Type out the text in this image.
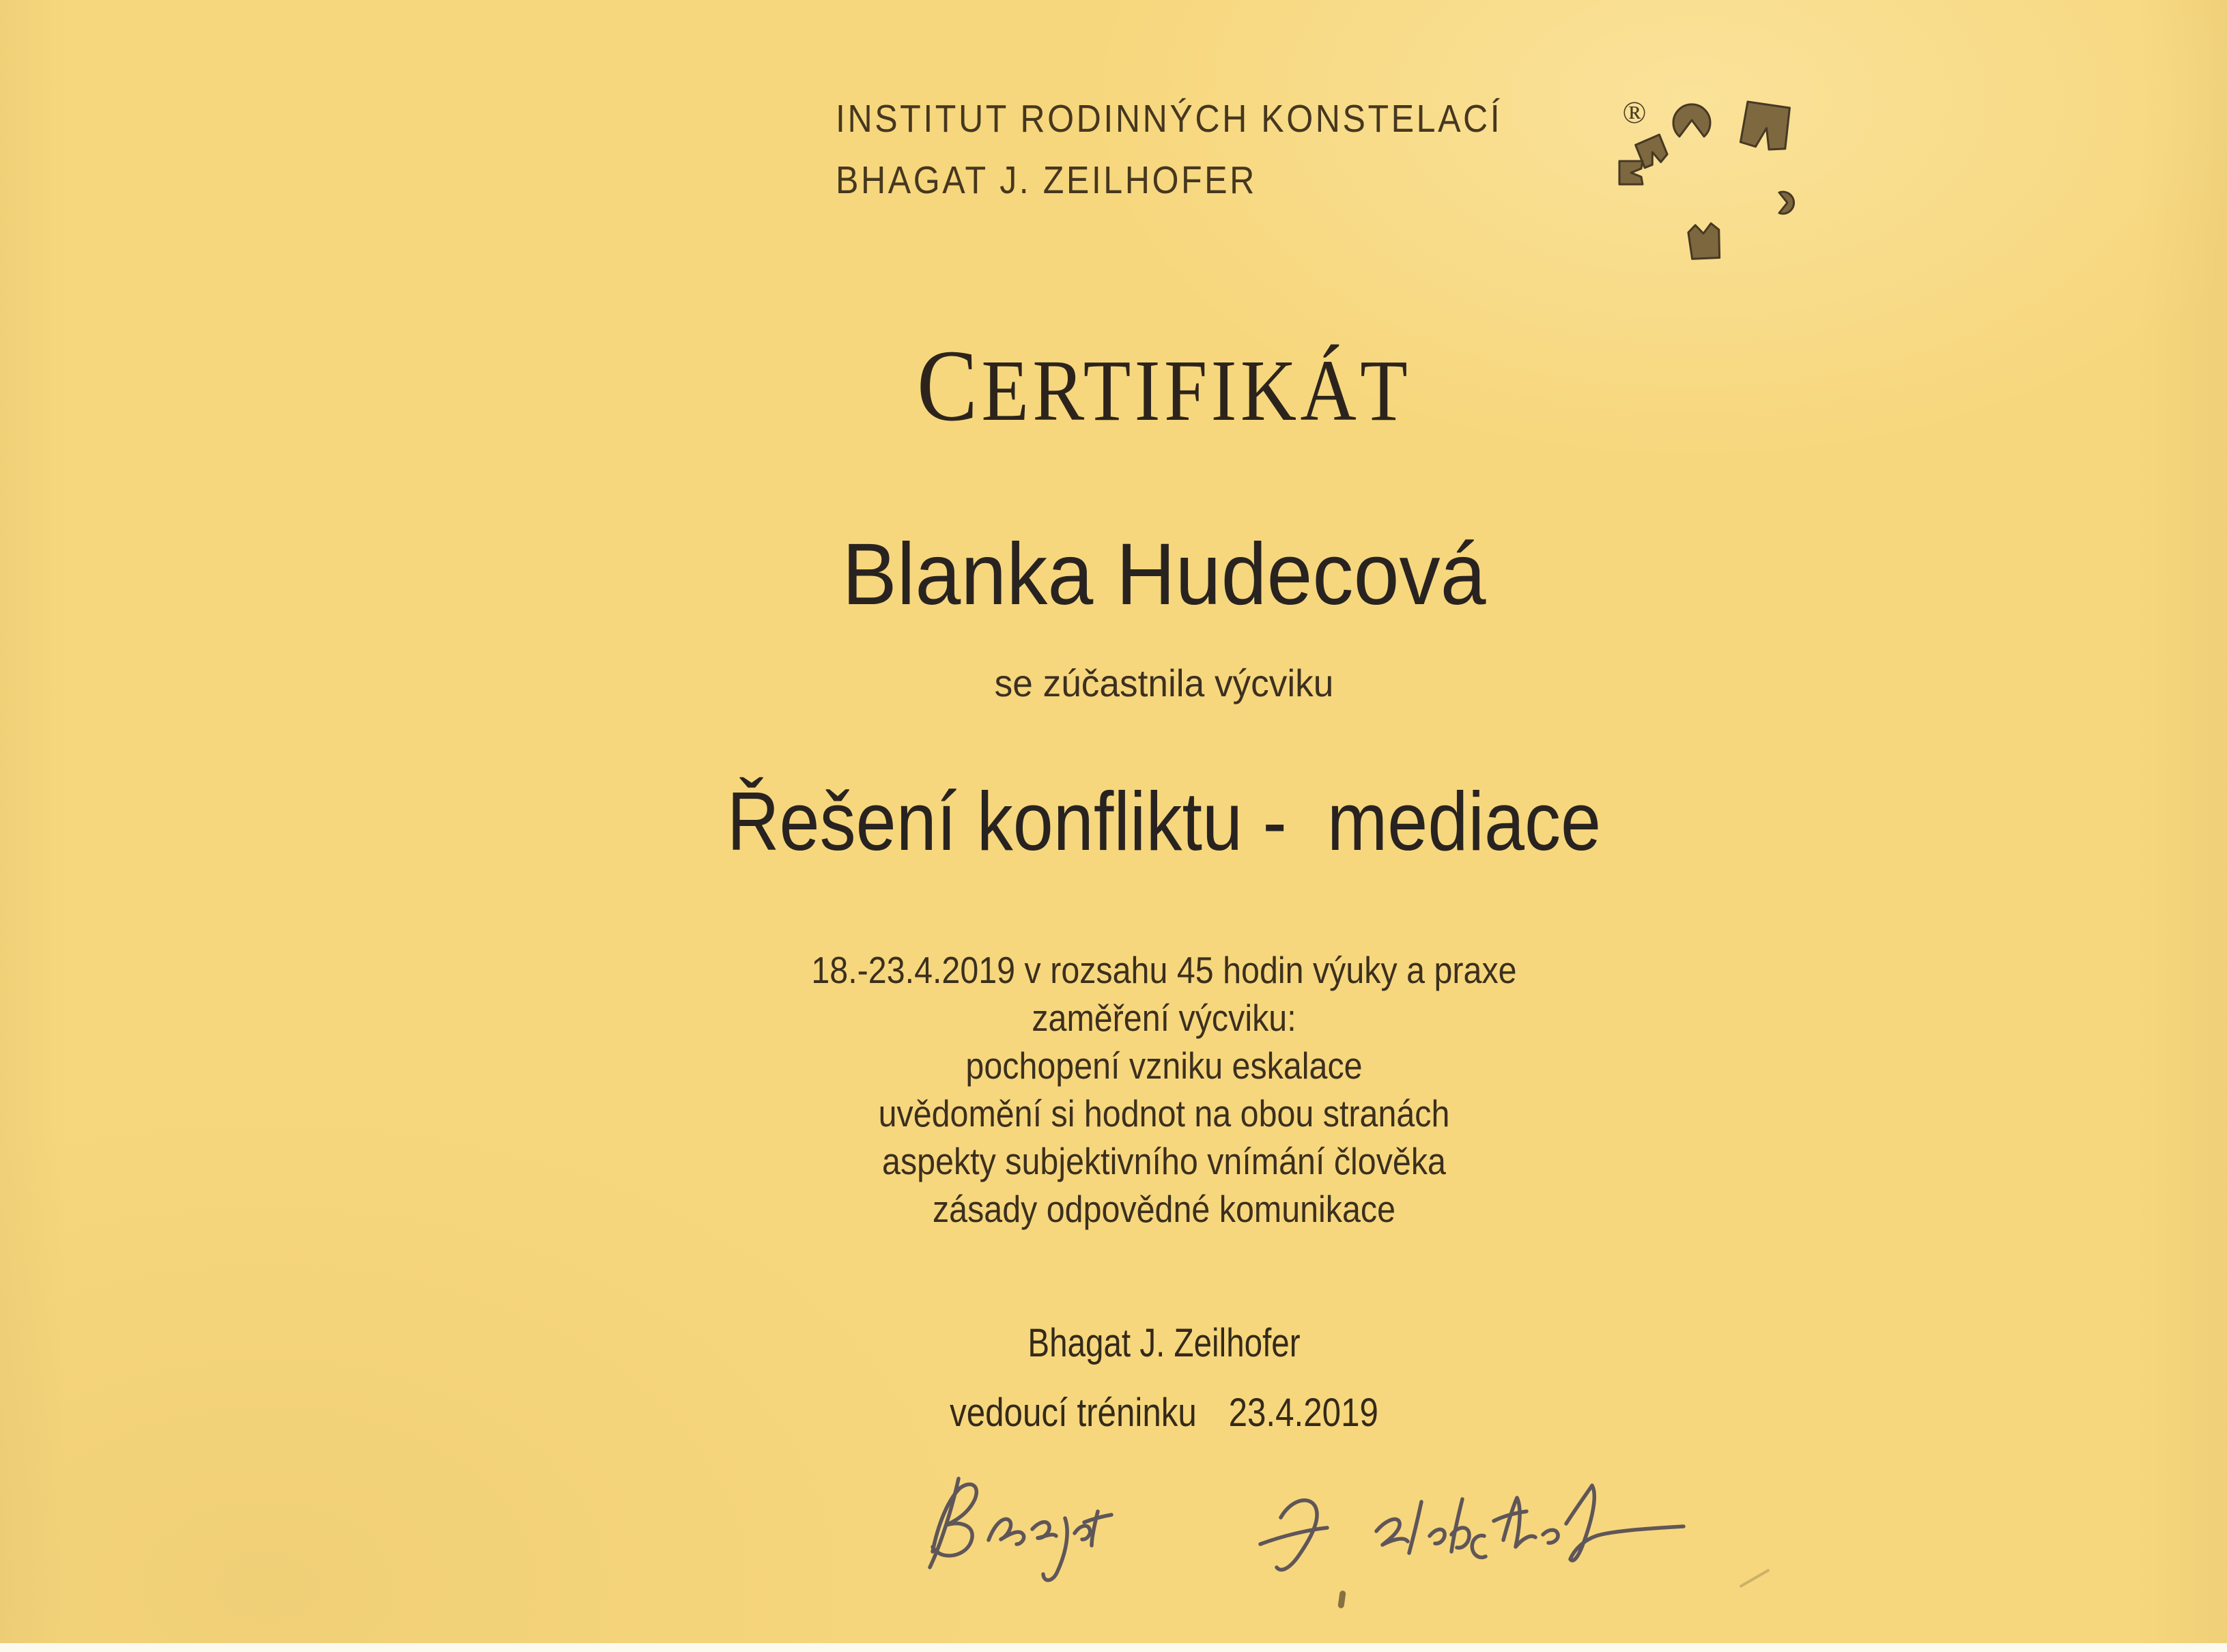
INSTITUT RODINNÝCH KONSTELACÍ
BHAGAT J. ZEILHOFER
®
CERTIFIKÁT
Blanka Hudecová
se zúčastnila výcviku
Řešení konfliktu -  mediace
18.-23.4.2019 v rozsahu 45 hodin výuky a praxe
zaměření výcviku:
pochopení vzniku eskalace
uvědomění si hodnot na obou stranách
aspekty subjektivního vnímání člověka
zásady odpovědné komunikace
Bhagat J. Zeilhofer
vedoucí tréninku 23.4.2019
